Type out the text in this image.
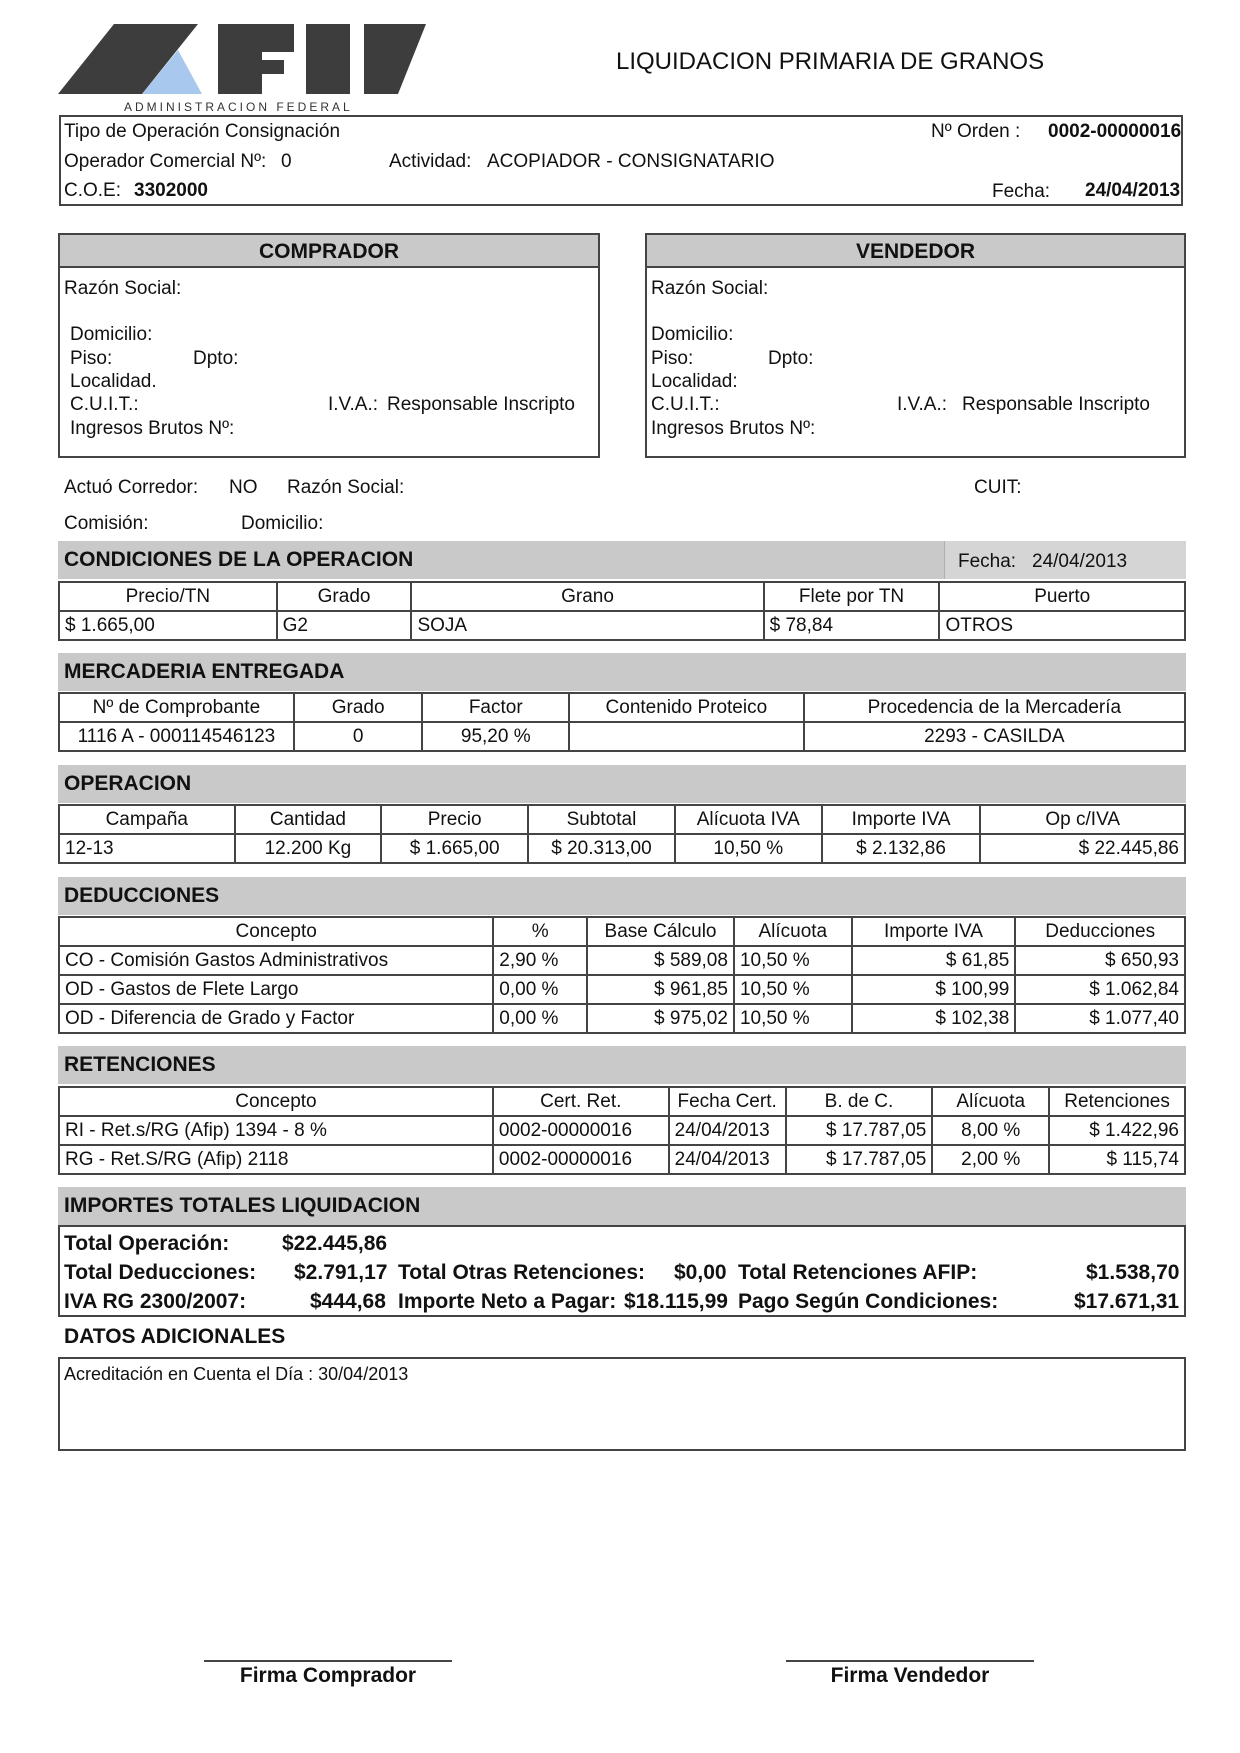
ADMINISTRACION FEDERAL
LIQUIDACION PRIMARIA DE GRANOS
Tipo de Operación Consignación	Nº Orden : 0002-00000016
Operador Comercial Nº: 0	Actividad: ACOPIADOR - CONSIGNATARIO
C.O.E: 3302000	Fecha: 24/04/2013
COMPRADOR
Razón Social:
Domicilio:
Piso:	Dpto:
Localidad.
C.U.I.T.:	I.V.A.: Responsable Inscripto
Ingresos Brutos Nº:
VENDEDOR
Razón Social:
Domicilio:
Piso:	Dpto:
Localidad:
C.U.I.T.:	I.V.A.: Responsable Inscripto
Ingresos Brutos Nº:
Actuó Corredor: NO Razón Social:	CUIT:
Comisión:	Domicilio:
CONDICIONES DE LA OPERACION	Fecha: 24/04/2013
Precio/TN	Grado	Grano	Flete por TN	Puerto
$ 1.665,00	G2	SOJA	$ 78,84	OTROS
MERCADERIA ENTREGADA
Nº de Comprobante	Grado	Factor	Contenido Proteico	Procedencia de la Mercadería
1116 A - 000114546123	0	95,20 %		2293 - CASILDA
OPERACION
Campaña	Cantidad	Precio	Subtotal	Alícuota IVA	Importe IVA	Op c/IVA
12-13	12.200 Kg	$ 1.665,00	$ 20.313,00	10,50 %	$ 2.132,86	$ 22.445,86
DEDUCCIONES
Concepto	%	Base Cálculo	Alícuota	Importe IVA	Deducciones
CO - Comisión Gastos Administrativos	2,90 %	$ 589,08	10,50 %	$ 61,85	$ 650,93
OD - Gastos de Flete Largo	0,00 %	$ 961,85	10,50 %	$ 100,99	$ 1.062,84
OD - Diferencia de Grado y Factor	0,00 %	$ 975,02	10,50 %	$ 102,38	$ 1.077,40
RETENCIONES
Concepto	Cert. Ret.	Fecha Cert.	B. de C.	Alícuota	Retenciones
RI - Ret.s/RG (Afip) 1394 - 8 %	0002-00000016	24/04/2013	$ 17.787,05	8,00 %	$ 1.422,96
RG - Ret.S/RG (Afip) 2118	0002-00000016	24/04/2013	$ 17.787,05	2,00 %	$ 115,74
IMPORTES TOTALES LIQUIDACION
Total Operación:	$22.445,86
Total Deducciones: $2.791,17 Total Otras Retenciones: $0,00 Total Retenciones AFIP:	$1.538,70
IVA RG 2300/2007:	$444,68 Importe Neto a Pagar: $18.115,99 Pago Según Condiciones:	$17.671,31
DATOS ADICIONALES
Acreditación en Cuenta el Día : 30/04/2013
Firma Comprador	Firma Vendedor
